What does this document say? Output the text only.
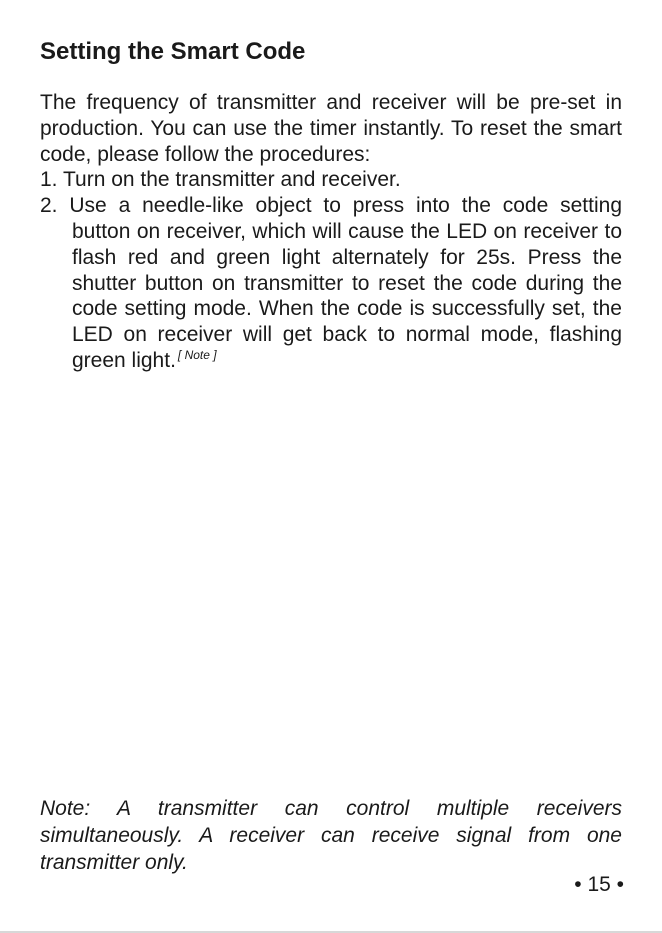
Setting the Smart Code

The frequency of transmitter and receiver will be pre-set in production. You can use the timer instantly. To reset the smart code, please follow the procedures:

1. Turn on the transmitter and receiver.
2. Use a needle-like object to press into the code setting button on receiver, which will cause the LED on receiver to flash red and green light alternately for 25s. Press the shutter button on transmitter to reset the code during the code setting mode. When the code is successfully set, the LED on receiver will get back to normal mode, flashing green light. [ Note ]

Note: A transmitter can control multiple receivers simultaneously. A receiver can receive signal from one transmitter only.

• 15 •
